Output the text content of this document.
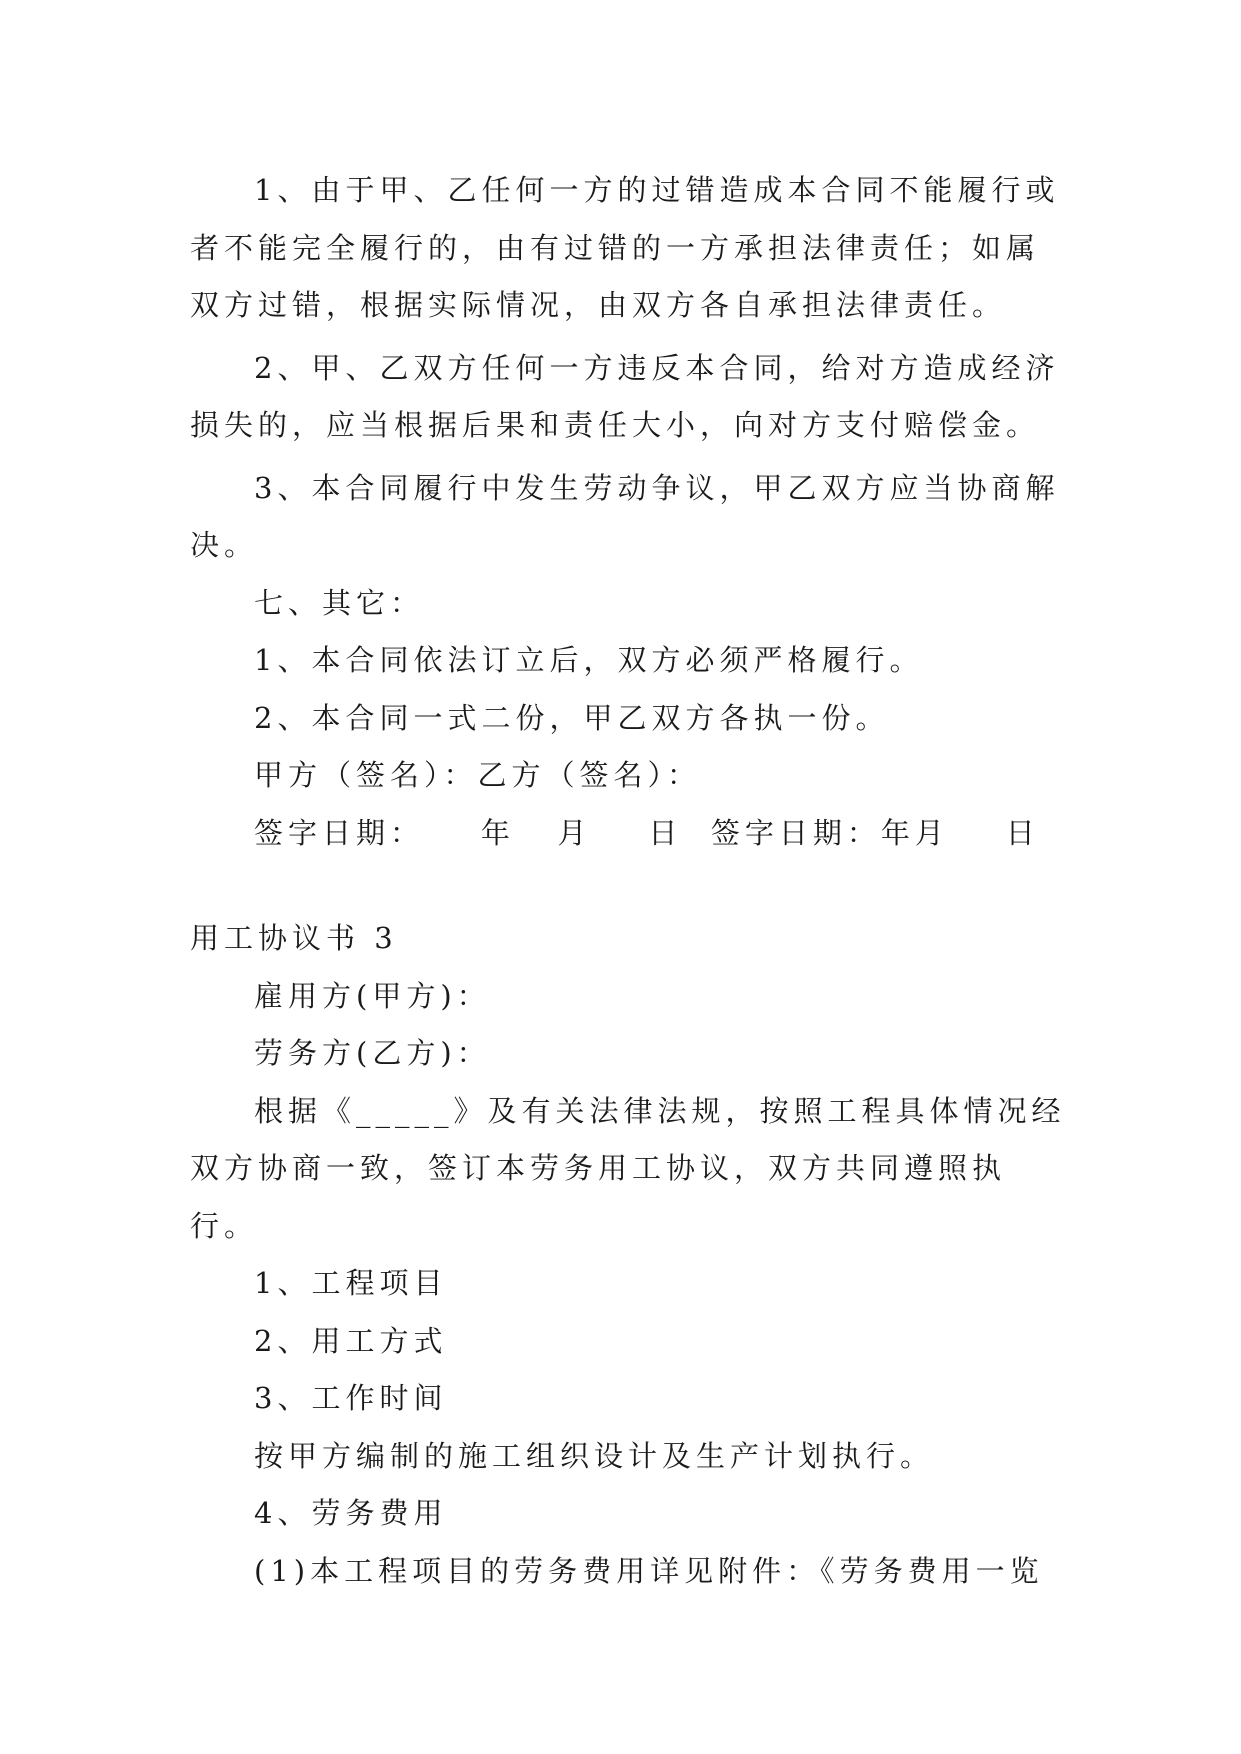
1、由于甲、乙任何一方的过错造成本合同不能履行或者不能完全履行的，由有过错的一方承担法律责任；如属双方过错，根据实际情况，由双方各自承担法律责任。

2、甲、乙双方任何一方违反本合同，给对方造成经济损失的，应当根据后果和责任大小，向对方支付赔偿金。

3、本合同履行中发生劳动争议，甲乙双方应当协商解决。

七、其它：

1、本合同依法订立后，双方必须严格履行。

2、本合同一式二份，甲乙双方各执一份。

甲方（签名）：乙方（签名）：

签字日期：    年   月    日  签字日期：年月    日

用工协议书 3

雇用方(甲方)：

劳务方(乙方)：

根据《_____》及有关法律法规，按照工程具体情况经双方协商一致，签订本劳务用工协议，双方共同遵照执行。

1、工程项目

2、用工方式

3、工作时间

按甲方编制的施工组织设计及生产计划执行。

4、劳务费用

(1)本工程项目的劳务费用详见附件：《劳务费用一览
